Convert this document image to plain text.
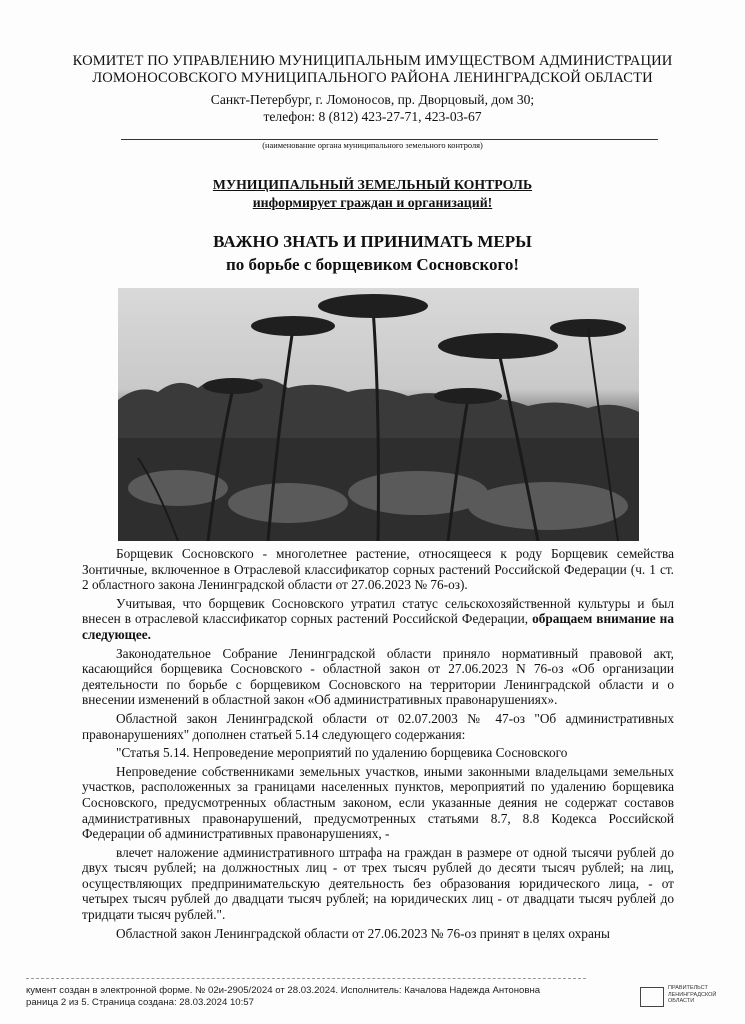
КОМИТЕТ ПО УПРАВЛЕНИЮ МУНИЦИПАЛЬНЫМ ИМУЩЕСТВОМ АДМИНИСТРАЦИИ
ЛОМОНОСОВСКОГО МУНИЦИПАЛЬНОГО РАЙОНА ЛЕНИНГРАДСКОЙ ОБЛАСТИ
Санкт-Петербург, г. Ломоносов, пр. Дворцовый, дом 30;
телефон: 8 (812) 423-27-71, 423-03-67
(наименование органа муниципального земельного контроля)
МУНИЦИПАЛЬНЫЙ ЗЕМЕЛЬНЫЙ КОНТРОЛЬ
информирует граждан и организаций!
ВАЖНО ЗНАТЬ И ПРИНИМАТЬ МЕРЫ
по борьбе с борщевиком Сосновского!

Борщевик Сосновского - многолетнее растение, относящееся к роду Борщевик семейства Зонтичные, включенное в Отраслевой классификатор сорных растений Российской Федерации (ч. 1 ст. 2 областного закона Ленинградской области от 27.06.2023 № 76-оз).

Учитывая, что борщевик Сосновского утратил статус сельскохозяйственной культуры и был внесен в отраслевой классификатор сорных растений Российской Федерации, обращаем внимание на следующее.

Законодательное Собрание Ленинградской области приняло нормативный правовой акт, касающийся борщевика Сосновского - областной закон от 27.06.2023 N 76-оз «Об организации деятельности по борьбе с борщевиком Сосновского на территории Ленинградской области и о внесении изменений в областной закон «Об административных правонарушениях».

Областной закон Ленинградской области от 02.07.2003 № 47-оз "Об административных правонарушениях" дополнен статьей 5.14 следующего содержания:

"Статья 5.14. Непроведение мероприятий по удалению борщевика Сосновского

Непроведение собственниками земельных участков, иными законными владельцами земельных участков, расположенных за границами населенных пунктов, мероприятий по удалению борщевика Сосновского, предусмотренных областным законом, если указанные деяния не содержат составов административных правонарушений, предусмотренных статьями 8.7, 8.8 Кодекса Российской Федерации об административных правонарушениях, -

влечет наложение административного штрафа на граждан в размере от одной тысячи рублей до двух тысяч рублей; на должностных лиц - от трех тысяч рублей до десяти тысяч рублей; на лиц, осуществляющих предпринимательскую деятельность без образования юридического лица, - от четырех тысяч рублей до двадцати тысяч рублей; на юридических лиц - от двадцати тысяч рублей до тридцати тысяч рублей.".

Областной закон Ленинградской области от 27.06.2023 № 76-оз принят в целях охраны

кумент создан в электронной форме. № 02и-2905/2024 от 28.03.2024. Исполнитель: Качалова Надежда Антоновна
раница 2 из 5. Страница создана: 28.03.2024 10:57
ПРАВИТЕЛЬСТ ЛЕНИНГРАДСКОЙ ОБЛАСТИ
